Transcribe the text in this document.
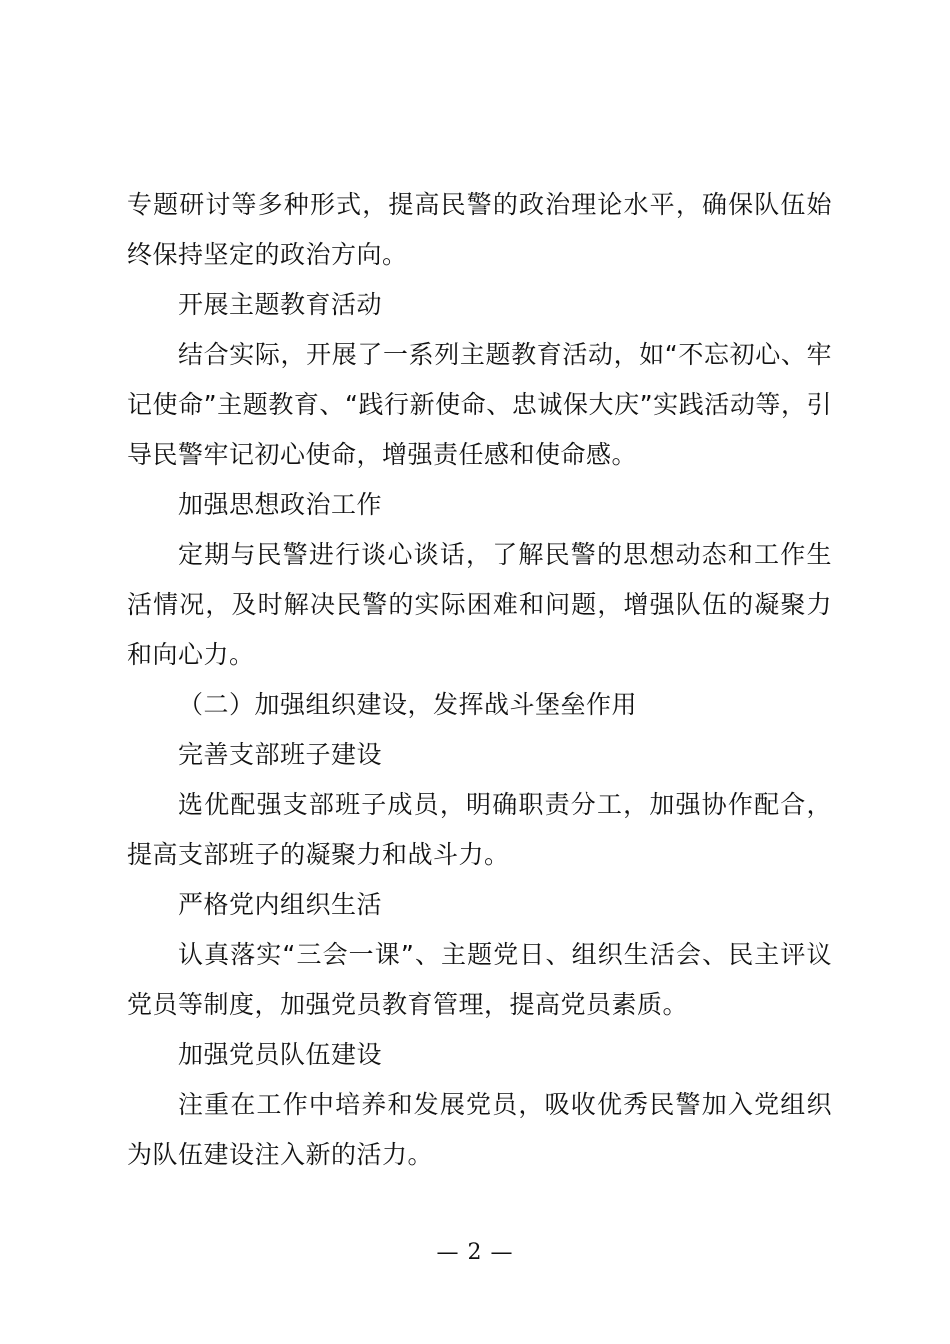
专题研讨等多种形式，提高民警的政治理论水平，确保队伍始终保持坚定的政治方向。

开展主题教育活动

结合实际，开展了一系列主题教育活动，如“不忘初心、牢记使命”主题教育、“践行新使命、忠诚保大庆”实践活动等，引导民警牢记初心使命，增强责任感和使命感。

加强思想政治工作

定期与民警进行谈心谈话，了解民警的思想动态和工作生活情况，及时解决民警的实际困难和问题，增强队伍的凝聚力和向心力。

（二）加强组织建设，发挥战斗堡垒作用

完善支部班子建设

选优配强支部班子成员，明确职责分工，加强协作配合，提高支部班子的凝聚力和战斗力。

严格党内组织生活

认真落实“三会一课”、主题党日、组织生活会、民主评议党员等制度，加强党员教育管理，提高党员素质。

加强党员队伍建设

注重在工作中培养和发展党员，吸收优秀民警加入党组织为队伍建设注入新的活力。

— 2 —
